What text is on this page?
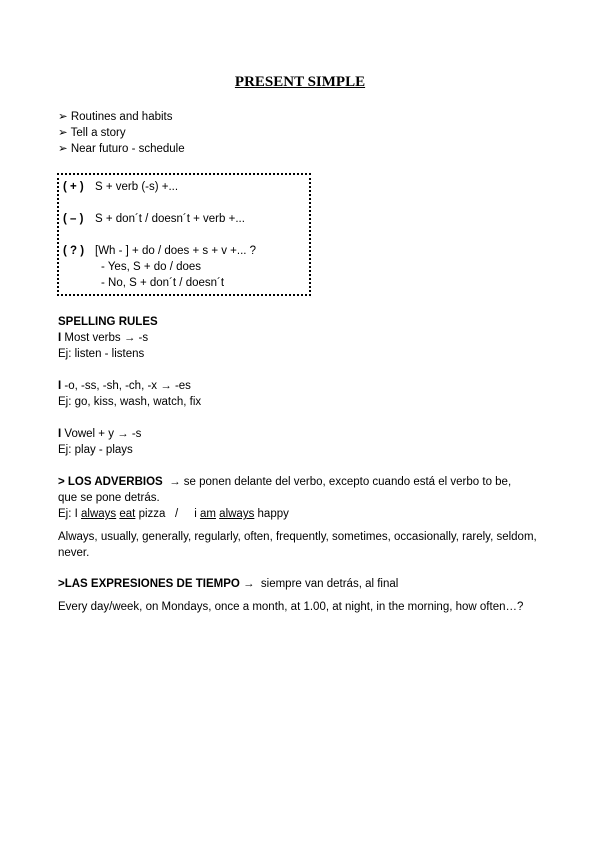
PRESENT SIMPLE
➢ Routines and habits
➢ Tell a story
➢ Near futuro - schedule
( + ) S + verb (-s) +...
( – ) S + don´t / doesn´t + verb +...
( ? ) [Wh - ] + do / does + s + v +... ?
- Yes, S + do / does
- No, S + don´t / doesn´t
SPELLING RULES
I Most verbs → -s
Ej: listen - listens
I -o, -ss, -sh, -ch, -x → -es
Ej: go, kiss, wash, watch, fix
I Vowel + y → -s
Ej: play - plays
> LOS ADVERBIOS → se ponen delante del verbo, excepto cuando está el verbo to be,
que se pone detrás.
Ej: I always eat pizza / i am always happy
Always, usually, generally, regularly, often, frequently, sometimes, occasionally, rarely, seldom, never.
>LAS EXPRESIONES DE TIEMPO → siempre van detrás, al final
Every day/week, on Mondays, once a month, at 1.00, at night, in the morning, how often…?
